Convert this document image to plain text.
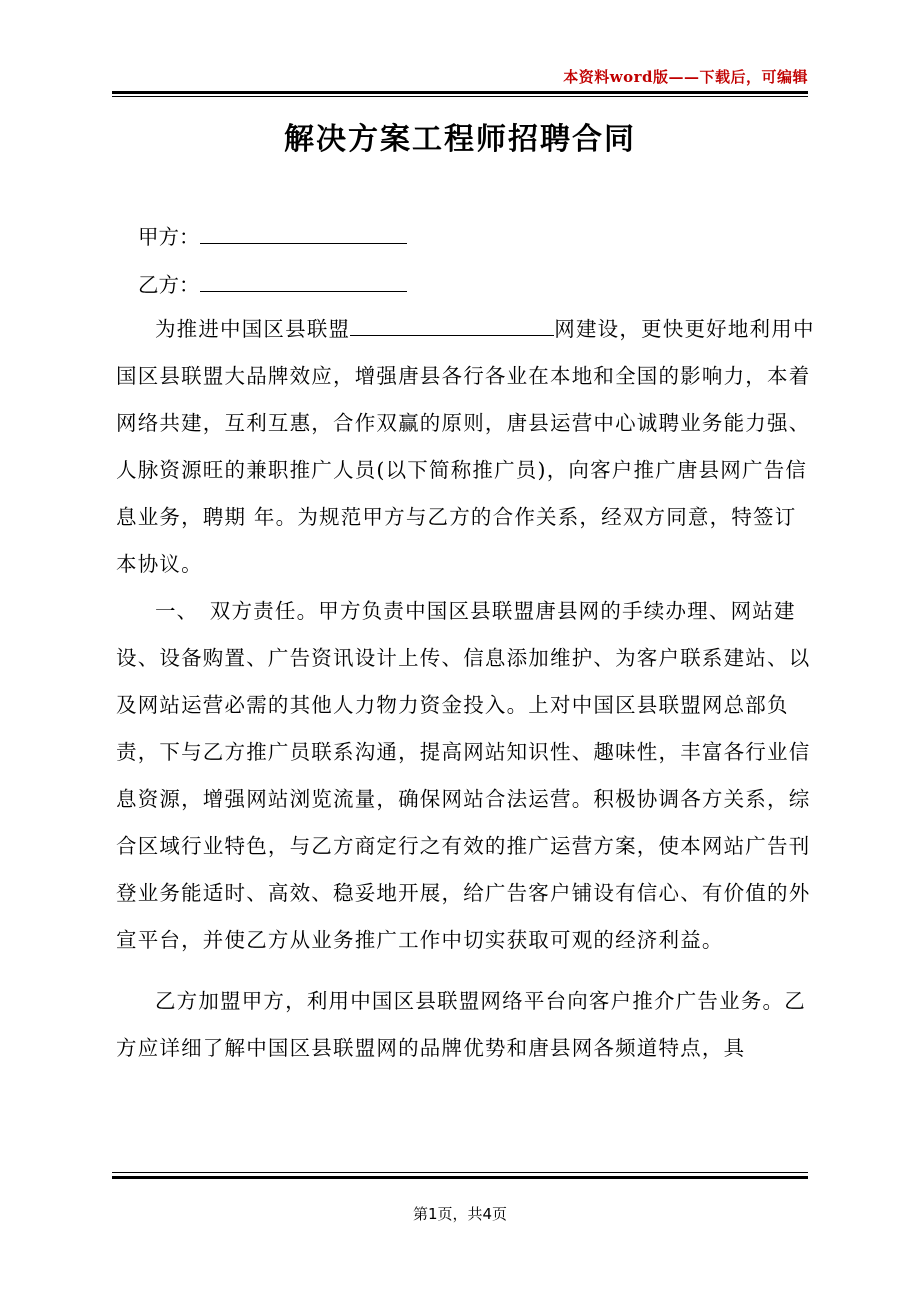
本资料word版——下载后，可编辑
解决方案工程师招聘合同
甲方：
乙方：

为推进中国区县联盟	网建设，更快更好地利用中国区县联盟大品牌效应，增强唐县各行各业在本地和全国的影响力，本着网络共建，互利互惠，合作双赢的原则，唐县运营中心诚聘业务能力强、人脉资源旺的兼职推广人员(以下简称推广员)，向客户推广唐县网广告信息业务，聘期 年。为规范甲方与乙方的合作关系，经双方同意，特签订本协议。

一、　双方责任。甲方负责中国区县联盟唐县网的手续办理、网站建设、设备购置、广告资讯设计上传、信息添加维护、为客户联系建站、以及网站运营必需的其他人力物力资金投入。上对中国区县联盟网总部负责，下与乙方推广员联系沟通，提高网站知识性、趣味性，丰富各行业信息资源，增强网站浏览流量，确保网站合法运营。积极协调各方关系，综合区域行业特色，与乙方商定行之有效的推广运营方案，使本网站广告刊登业务能适时、高效、稳妥地开展，给广告客户铺设有信心、有价值的外宣平台，并使乙方从业务推广工作中切实获取可观的经济利益。

乙方加盟甲方，利用中国区县联盟网络平台向客户推介广告业务。乙方应详细了解中国区县联盟网的品牌优势和唐县网各频道特点，具

第1页，共4页
